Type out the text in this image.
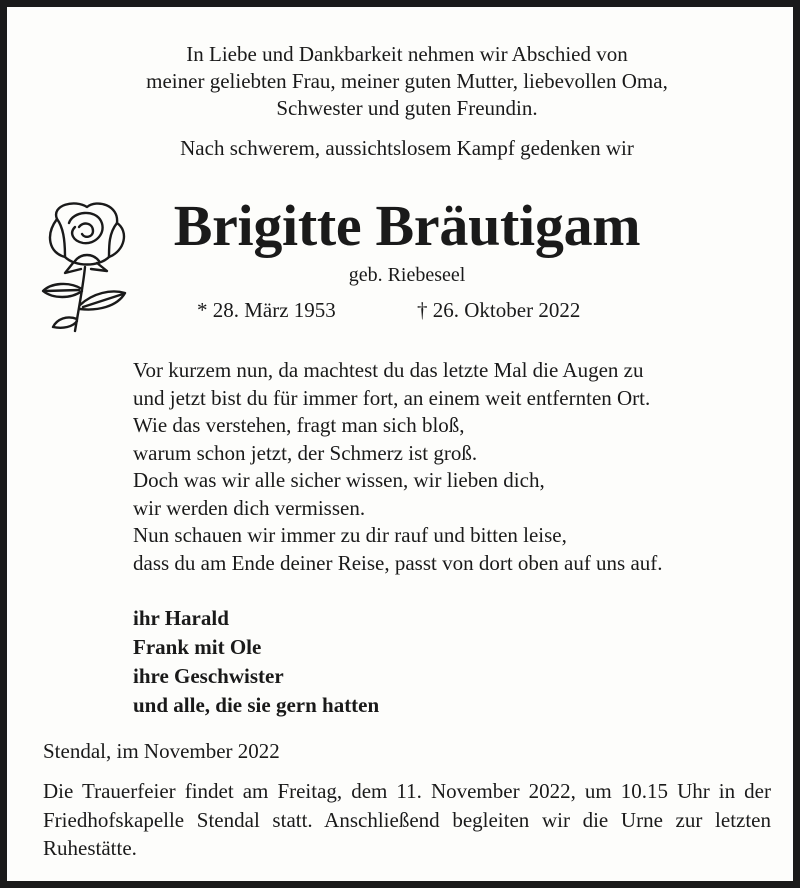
In Liebe und Dankbarkeit nehmen wir Abschied von

meiner geliebten Frau, meiner guten Mutter, liebevollen Oma,

Schwester und guten Freundin.

Nach schwerem, aussichtslosem Kampf gedenken wir

Brigitte Bräutigam
geb. Riebeseel
* 28. März 1953	† 26. Oktober 2022
Vor kurzem nun, da machtest du das letzte Mal die Augen zu
und jetzt bist du für immer fort, an einem weit entfernten Ort.
Wie das verstehen, fragt man sich bloß,
warum schon jetzt, der Schmerz ist groß.
Doch was wir alle sicher wissen, wir lieben dich,
wir werden dich vermissen.
Nun schauen wir immer zu dir rauf und bitten leise,
dass du am Ende deiner Reise, passt von dort oben auf uns auf.
ihr Harald
Frank mit Ole
ihre Geschwister
und alle, die sie gern hatten
Stendal, im November 2022
Die Trauerfeier findet am Freitag, dem 11. November 2022, um 10.15 Uhr in der Friedhofskapelle Stendal statt. Anschließend begleiten wir die Urne zur letzten Ruhestätte.
